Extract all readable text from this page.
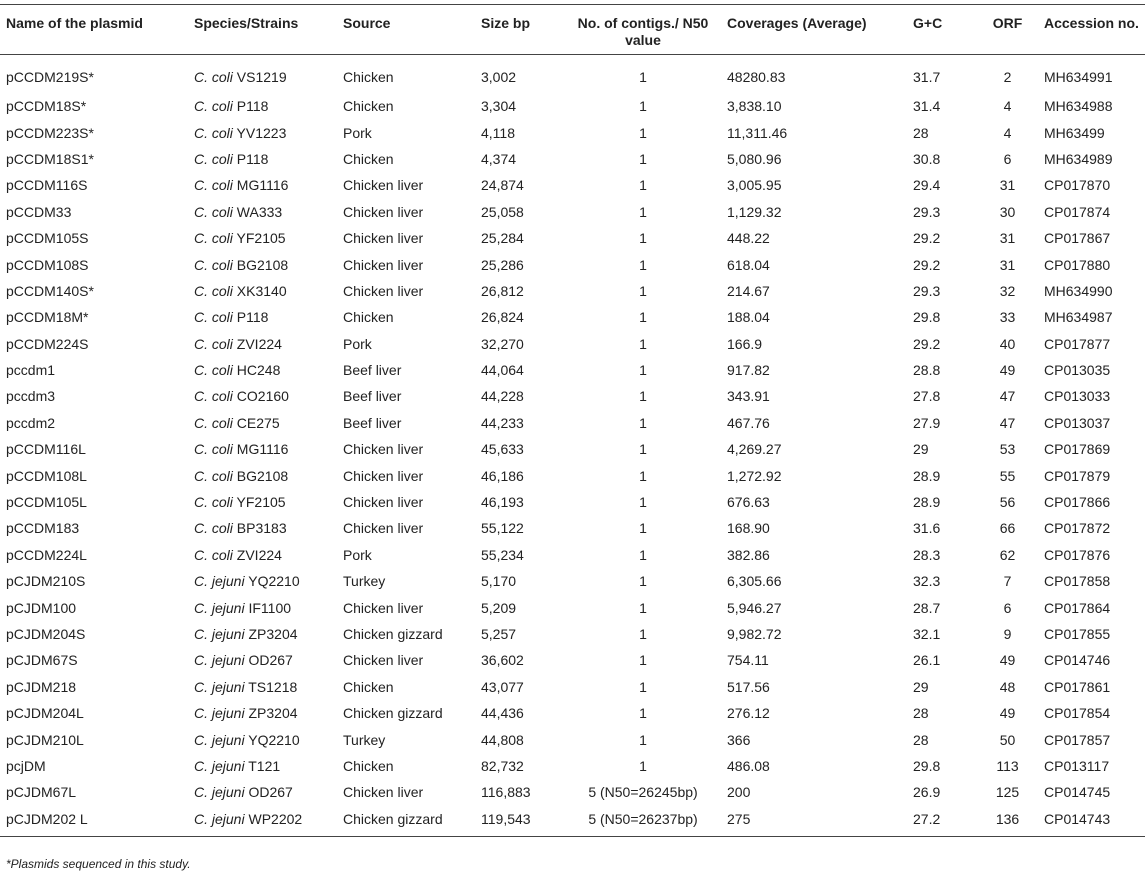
Name of the plasmid	Species/Strains	Source	Size bp	No. of contigs./ N50 value	Coverages (Average)	G+C	ORF	Accession no.
pCCDM219S*	C. coli VS1219	Chicken	3,002	1	48280.83	31.7	2	MH634991
pCCDM18S*	C. coli P118	Chicken	3,304	1	3,838.10	31.4	4	MH634988
pCCDM223S*	C. coli YV1223	Pork	4,118	1	11,311.46	28	4	MH63499
pCCDM18S1*	C. coli P118	Chicken	4,374	1	5,080.96	30.8	6	MH634989
pCCDM116S	C. coli MG1116	Chicken liver	24,874	1	3,005.95	29.4	31	CP017870
pCCDM33	C. coli WA333	Chicken liver	25,058	1	1,129.32	29.3	30	CP017874
pCCDM105S	C. coli YF2105	Chicken liver	25,284	1	448.22	29.2	31	CP017867
pCCDM108S	C. coli BG2108	Chicken liver	25,286	1	618.04	29.2	31	CP017880
pCCDM140S*	C. coli XK3140	Chicken liver	26,812	1	214.67	29.3	32	MH634990
pCCDM18M*	C. coli P118	Chicken	26,824	1	188.04	29.8	33	MH634987
pCCDM224S	C. coli ZVI224	Pork	32,270	1	166.9	29.2	40	CP017877
pccdm1	C. coli HC248	Beef liver	44,064	1	917.82	28.8	49	CP013035
pccdm3	C. coli CO2160	Beef liver	44,228	1	343.91	27.8	47	CP013033
pccdm2	C. coli CE275	Beef liver	44,233	1	467.76	27.9	47	CP013037
pCCDM116L	C. coli MG1116	Chicken liver	45,633	1	4,269.27	29	53	CP017869
pCCDM108L	C. coli BG2108	Chicken liver	46,186	1	1,272.92	28.9	55	CP017879
pCCDM105L	C. coli YF2105	Chicken liver	46,193	1	676.63	28.9	56	CP017866
pCCDM183	C. coli BP3183	Chicken liver	55,122	1	168.90	31.6	66	CP017872
pCCDM224L	C. coli ZVI224	Pork	55,234	1	382.86	28.3	62	CP017876
pCJDM210S	C. jejuni YQ2210	Turkey	5,170	1	6,305.66	32.3	7	CP017858
pCJDM100	C. jejuni IF1100	Chicken liver	5,209	1	5,946.27	28.7	6	CP017864
pCJDM204S	C. jejuni ZP3204	Chicken gizzard	5,257	1	9,982.72	32.1	9	CP017855
pCJDM67S	C. jejuni OD267	Chicken liver	36,602	1	754.11	26.1	49	CP014746
pCJDM218	C. jejuni TS1218	Chicken	43,077	1	517.56	29	48	CP017861
pCJDM204L	C. jejuni ZP3204	Chicken gizzard	44,436	1	276.12	28	49	CP017854
pCJDM210L	C. jejuni YQ2210	Turkey	44,808	1	366	28	50	CP017857
pcjDM	C. jejuni T121	Chicken	82,732	1	486.08	29.8	113	CP013117
pCJDM67L	C. jejuni OD267	Chicken liver	116,883	5 (N50=26245bp)	200	26.9	125	CP014745
pCJDM202 L	C. jejuni WP2202	Chicken gizzard	119,543	5 (N50=26237bp)	275	27.2	136	CP014743
*Plasmids sequenced in this study.
